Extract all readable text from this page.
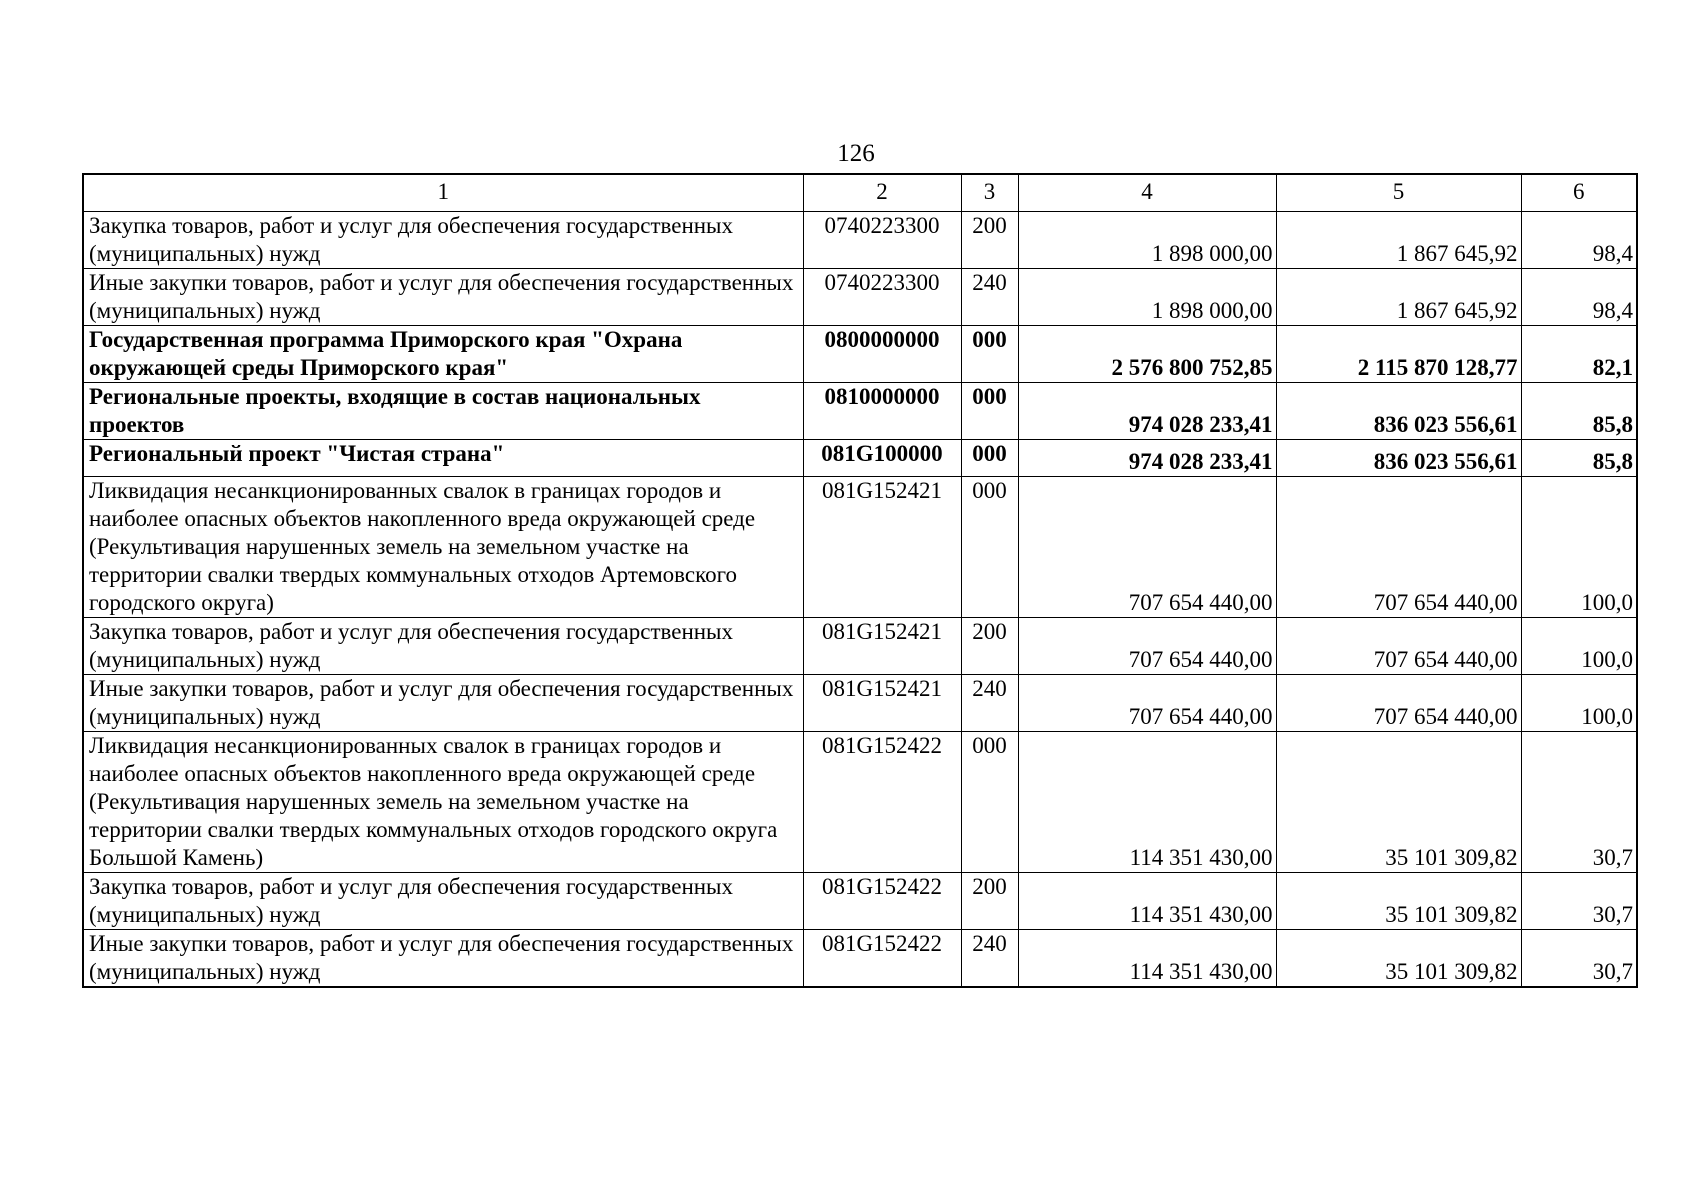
126
1	2	3	4	5	6
Закупка товаров, работ и услуг для обеспечения государственных (муниципальных) нужд	0740223300	200	1 898 000,00	1 867 645,92	98,4
Иные закупки товаров, работ и услуг для обеспечения государственных (муниципальных) нужд	0740223300	240	1 898 000,00	1 867 645,92	98,4
Государственная программа Приморского края "Охрана окружающей среды Приморского края"	0800000000	000	2 576 800 752,85	2 115 870 128,77	82,1
Региональные проекты, входящие в состав национальных проектов	0810000000	000	974 028 233,41	836 023 556,61	85,8
Региональный проект "Чистая страна"	081G100000	000	974 028 233,41	836 023 556,61	85,8
Ликвидация несанкционированных свалок в границах городов и наиболее опасных объектов накопленного вреда окружающей среде (Рекультивация нарушенных земель на земельном участке на территории свалки твердых коммунальных отходов Артемовского городского округа)	081G152421	000	707 654 440,00	707 654 440,00	100,0
Закупка товаров, работ и услуг для обеспечения государственных (муниципальных) нужд	081G152421	200	707 654 440,00	707 654 440,00	100,0
Иные закупки товаров, работ и услуг для обеспечения государственных (муниципальных) нужд	081G152421	240	707 654 440,00	707 654 440,00	100,0
Ликвидация несанкционированных свалок в границах городов и наиболее опасных объектов накопленного вреда окружающей среде (Рекультивация нарушенных земель на земельном участке на территории свалки твердых коммунальных отходов городского округа Большой Камень)	081G152422	000	114 351 430,00	35 101 309,82	30,7
Закупка товаров, работ и услуг для обеспечения государственных (муниципальных) нужд	081G152422	200	114 351 430,00	35 101 309,82	30,7
Иные закупки товаров, работ и услуг для обеспечения государственных (муниципальных) нужд	081G152422	240	114 351 430,00	35 101 309,82	30,7
